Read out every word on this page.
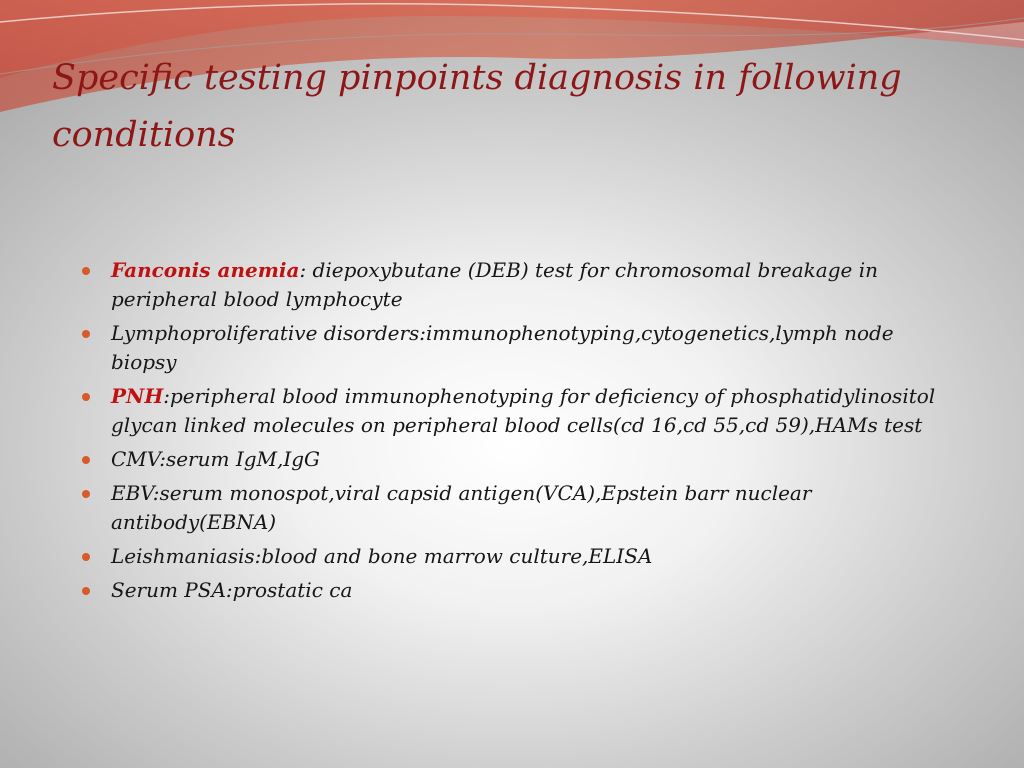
Specific testing pinpoints diagnosis in following conditions
Fanconis anemia: diepoxybutane (DEB) test for chromosomal breakage in peripheral blood lymphocyte
Lymphoproliferative disorders:immunophenotyping,cytogenetics,lymph node biopsy
PNH:peripheral blood immunophenotyping for deficiency of phosphatidylinositol glycan linked molecules on peripheral blood cells(cd 16,cd 55,cd 59),HAMs test
CMV:serum IgM,IgG
EBV:serum monospot,viral capsid antigen(VCA),Epstein barr nuclear antibody(EBNA)
Leishmaniasis:blood and bone marrow culture,ELISA
Serum PSA:prostatic ca
